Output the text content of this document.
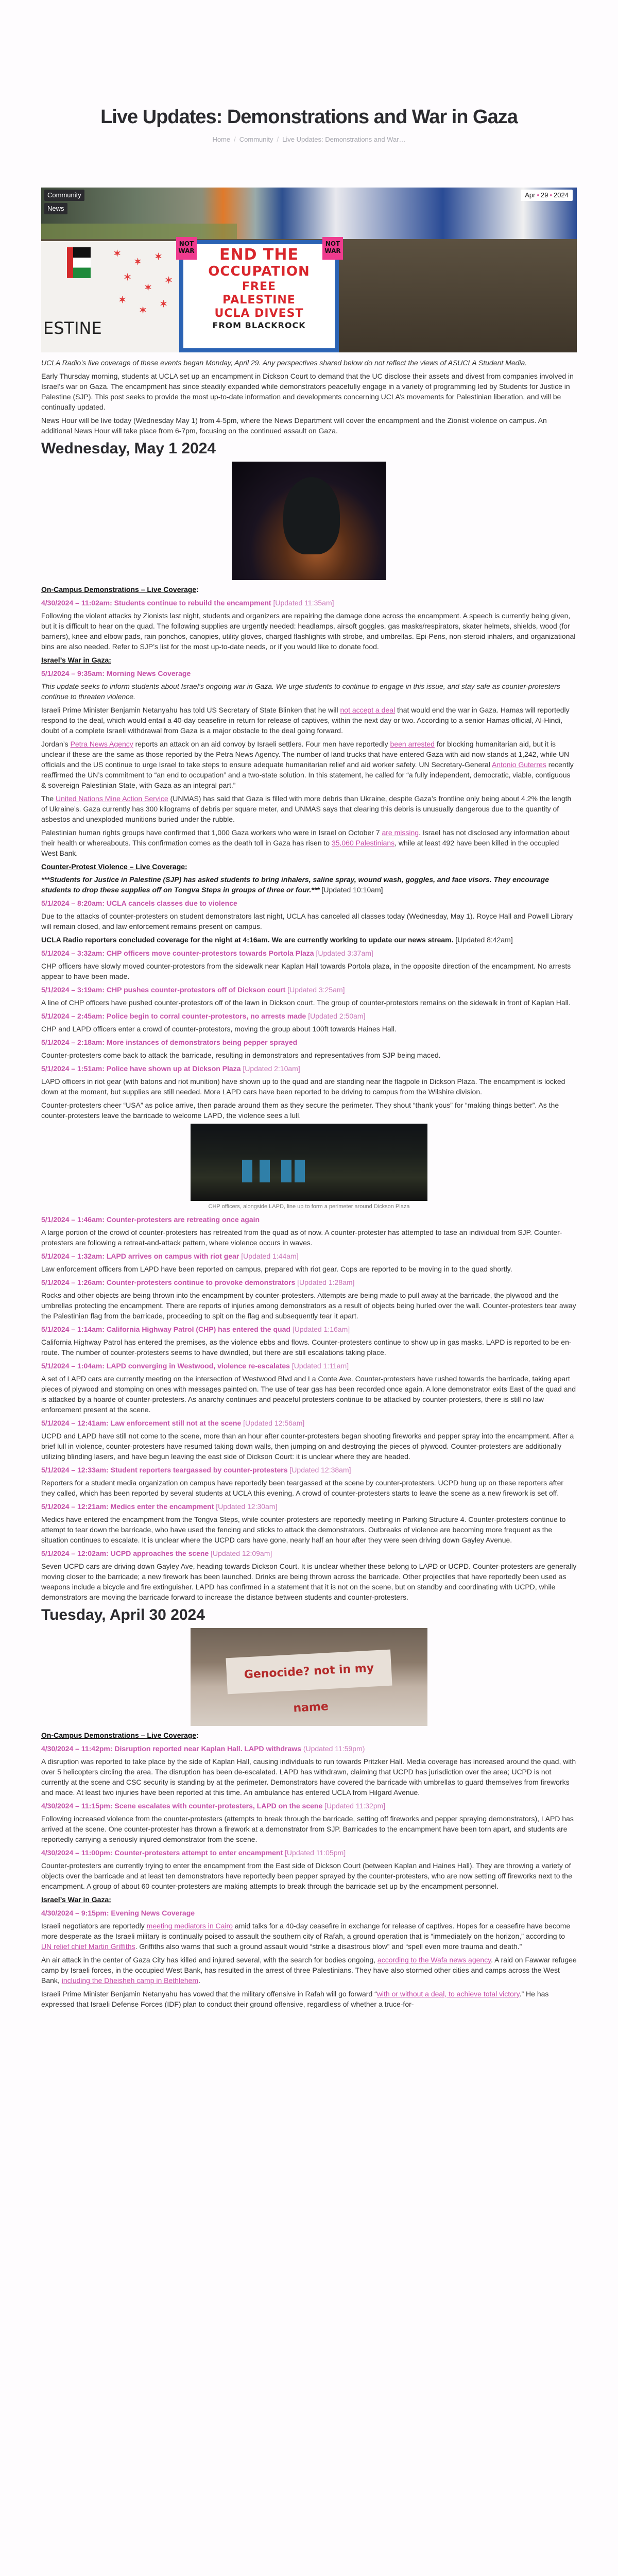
Live Updates: Demonstrations and War in Gaza
Home / Community / Live Updates: Demonstrations and War…
✶
✶ ✶
✶
✶
✶
✶
✶
✶
ESTINE
END THE
OCCUPATION
FREE
PALESTINE
UCLA DIVEST
FROM BLACKROCK
NOT WAR
NOT WAR
Community
News
Apr • 29 • 2024

UCLA Radio’s live coverage of these events began Monday, April 29. Any perspectives shared below do not reflect the views of ASUCLA Student Media.

Early Thursday morning, students at UCLA set up an encampment in Dickson Court to demand that the UC disclose their assets and divest from companies involved in Israel’s war on Gaza. The encampment has since steadily expanded while demonstrators peacefully engage in a variety of programming led by Students for Justice in Palestine (SJP). This post seeks to provide the most up-to-date information and developments concerning UCLA’s movements for Palestinian liberation, and will be continually updated.

News Hour will be live today (Wednesday May 1) from 4-5pm, where the News Department will cover the encampment and the Zionist violence on campus. An additional News Hour will take place from 6-7pm, focusing on the continued assault on Gaza.

Wednesday, May 1 2024

On-Campus Demonstrations – Live Coverage:

4/30/2024 – 11:02am: Students continue to rebuild the encampment [Updated 11:35am]

Following the violent attacks by Zionists last night, students and organizers are repairing the damage done across the encampment. A speech is currently being given, but it is difficult to hear on the quad. The following supplies are urgently needed: headlamps, airsoft goggles, gas masks/respirators, skater helmets, shields, wood (for barriers), knee and elbow pads, rain ponchos, canopies, utility gloves, charged flashlights with strobe, and umbrellas. Epi-Pens, non-steroid inhalers, and organizational bins are also needed. Refer to SJP’s list for the most up-to-date needs, or if you would like to donate food.

Israel’s War in Gaza:

5/1/2024 – 9:35am: Morning News Coverage

This update seeks to inform students about Israel’s ongoing war in Gaza. We urge students to continue to engage in this issue, and stay safe as counter-protesters continue to threaten violence.

Israeli Prime Minister Benjamin Netanyahu has told US Secretary of State Blinken that he will not accept a deal that would end the war in Gaza. Hamas will reportedly respond to the deal, which would entail a 40-day ceasefire in return for release of captives, within the next day or two. According to a senior Hamas official, Al-Hindi, doubt of a complete Israeli withdrawal from Gaza is a major obstacle to the deal going forward.

Jordan’s Petra News Agency reports an attack on an aid convoy by Israeli settlers. Four men have reportedly been arrested for blocking humanitarian aid, but it is unclear if these are the same as those reported by the Petra News Agency. The number of land trucks that have entered Gaza with aid now stands at 1,242, while UN officials and the US continue to urge Israel to take steps to ensure adequate humanitarian relief and aid worker safety. UN Secretary-General Antonio Guterres recently reaffirmed the UN’s commitment to “an end to occupation” and a two-state solution. In this statement, he called for “a fully independent, democratic, viable, contiguous & sovereign Palestinian State, with Gaza as an integral part.”

The United Nations Mine Action Service (UNMAS) has said that Gaza is filled with more debris than Ukraine, despite Gaza’s frontline only being about 4.2% the length of Ukraine’s. Gaza currently has 300 kilograms of debris per square meter, and UNMAS says that clearing this debris is unusually dangerous due to the quantity of asbestos and unexploded munitions buried under the rubble.

Palestinian human rights groups have confirmed that 1,000 Gaza workers who were in Israel on October 7 are missing. Israel has not disclosed any information about their health or whereabouts. This confirmation comes as the death toll in Gaza has risen to 35,060 Palestinians, while at least 492 have been killed in the occupied West Bank.

Counter-Protest Violence – Live Coverage:

***Students for Justice in Palestine (SJP) has asked students to bring inhalers, saline spray, wound wash, goggles, and face visors. They encourage students to drop these supplies off on Tongva Steps in groups of three or four.*** [Updated 10:10am]

5/1/2024 – 8:20am: UCLA cancels classes due to violence

Due to the attacks of counter-protesters on student demonstrators last night, UCLA has canceled all classes today (Wednesday, May 1). Royce Hall and Powell Library will remain closed, and law enforcement remains present on campus.

UCLA Radio reporters concluded coverage for the night at 4:16am. We are currently working to update our news stream. [Updated 8:42am]

5/1/2024 – 3:32am: CHP officers move counter-protestors towards Portola Plaza [Updated 3:37am]

CHP officers have slowly moved counter-protestors from the sidewalk near Kaplan Hall towards Portola plaza, in the opposite direction of the encampment. No arrests appear to have been made.

5/1/2024 – 3:19am: CHP pushes counter-protestors off of Dickson court [Updated 3:25am]

A line of CHP officers have pushed counter-protestors off of the lawn in Dickson court. The group of counter-protestors remains on the sidewalk in front of Kaplan Hall.

5/1/2024 – 2:45am: Police begin to corral counter-protestors, no arrests made [Updated 2:50am]

CHP and LAPD officers enter a crowd of counter-protestors, moving the group about 100ft towards Haines Hall.

5/1/2024 – 2:18am: More instances of demonstrators being pepper sprayed

Counter-protesters come back to attack the barricade, resulting in demonstrators and representatives from SJP being maced.

5/1/2024 – 1:51am: Police have shown up at Dickson Plaza [Updated 2:10am]

LAPD officers in riot gear (with batons and riot munition) have shown up to the quad and are standing near the flagpole in Dickson Plaza. The encampment is locked down at the moment, but supplies are still needed. More LAPD cars have been reported to be driving to campus from the Wilshire division.

Counter-protesters cheer “USA” as police arrive, then parade around them as they secure the perimeter. They shout “thank yous” for “making things better”. As the counter-protesters leave the barricade to welcome LAPD, the violence sees a lull.

CHP officers, alongside LAPD, line up to form a perimeter around Dickson Plaza

5/1/2024 – 1:46am: Counter-protesters are retreating once again

A large portion of the crowd of counter-protesters has retreated from the quad as of now. A counter-protester has attempted to tase an individual from SJP. Counter-protesters are following a retreat-and-attack pattern, where violence occurs in waves.

5/1/2024 – 1:32am: LAPD arrives on campus with riot gear [Updated 1:44am]

Law enforcement officers from LAPD have been reported on campus, prepared with riot gear. Cops are reported to be moving in to the quad shortly.

5/1/2024 – 1:26am: Counter-protesters continue to provoke demonstrators [Updated 1:28am]

Rocks and other objects are being thrown into the encampment by counter-protesters. Attempts are being made to pull away at the barricade, the plywood and the umbrellas protecting the encampment. There are reports of injuries among demonstrators as a result of objects being hurled over the wall. Counter-protesters tear away the Palestinian flag from the barricade, proceeding to spit on the flag and subsequently tear it apart.

5/1/2024 – 1:14am: California Highway Patrol (CHP) has entered the quad [Updated 1:16am]

California Highway Patrol has entered the premises, as the violence ebbs and flows. Counter-protesters continue to show up in gas masks. LAPD is reported to be en-route. The number of counter-protesters seems to have dwindled, but there are still escalations taking place.

5/1/2024 – 1:04am: LAPD converging in Westwood, violence re-escalates [Updated 1:11am]

A set of LAPD cars are currently meeting on the intersection of Westwood Blvd and La Conte Ave. Counter-protesters have rushed towards the barricade, taking apart pieces of plywood and stomping on ones with messages painted on. The use of tear gas has been recorded once again. A lone demonstrator exits East of the quad and is attacked by a hoarde of counter-protesters. As anarchy continues and peaceful protesters continue to be attacked by counter-protesters, there is still no law enforcement present at the scene.

5/1/2024 – 12:41am: Law enforcement still not at the scene [Updated 12:56am]

UCPD and LAPD have still not come to the scene, more than an hour after counter-protesters began shooting fireworks and pepper spray into the encampment. After a brief lull in violence, counter-protesters have resumed taking down walls, then jumping on and destroying the pieces of plywood. Counter-protesters are additionally utilizing blinding lasers, and have begun leaving the east side of Dickson Court: it is unclear where they are headed.

5/1/2024 – 12:33am: Student reporters teargassed by counter-protesters [Updated 12:38am]

Reporters for a student media organization on campus have reportedly been teargassed at the scene by counter-protesters. UCPD hung up on these reporters after they called, which has been reported by several students at UCLA this evening. A crowd of counter-protesters starts to leave the scene as a new firework is set off.

5/1/2024 – 12:21am: Medics enter the encampment [Updated 12:30am]

Medics have entered the encampment from the Tongva Steps, while counter-protesters are reportedly meeting in Parking Structure 4. Counter-protesters continue to attempt to tear down the barricade, who have used the fencing and sticks to attack the demonstrators. Outbreaks of violence are becoming more frequent as the situation continues to escalate. It is unclear where the UCPD cars have gone, nearly half an hour after they were seen driving down Gayley Avenue.

5/1/2024 – 12:02am: UCPD approaches the scene [Updated 12:09am]

Seven UCPD cars are driving down Gayley Ave, heading towards Dickson Court. It is unclear whether these belong to LAPD or UCPD. Counter-protesters are generally moving closer to the barricade; a new firework has been launched. Drinks are being thrown across the barricade. Other projectiles that have reportedly been used as weapons include a bicycle and fire extinguisher. LAPD has confirmed in a statement that it is not on the scene, but on standby and coordinating with UCPD, while demonstrators are moving the barricade forward to increase the distance between students and counter-protesters.

Tuesday, April 30 2024
Genocide? not in my name

On-Campus Demonstrations – Live Coverage:

4/30/2024 – 11:42pm: Disruption reported near Kaplan Hall. LAPD withdraws (Updated 11:59pm)

A disruption was reported to take place by the side of Kaplan Hall, causing individuals to run towards Pritzker Hall. Media coverage has increased around the quad, with over 5 helicopters circling the area. The disruption has been de-escalated. LAPD has withdrawn, claiming that UCPD has jurisdiction over the area; UCPD is not currently at the scene and CSC security is standing by at the perimeter. Demonstrators have covered the barricade with umbrellas to guard themselves from fireworks and mace. At least two injuries have been reported at this time. An ambulance has entered UCLA from Hilgard Avenue.

4/30/2024 – 11:15pm: Scene escalates with counter-protesters, LAPD on the scene [Updated 11:32pm]

Following increased violence from the counter-protesters (attempts to break through the barricade, setting off fireworks and pepper spraying demonstrators), LAPD has arrived at the scene. One counter-protester has thrown a firework at a demonstrator from SJP. Barricades to the encampment have been torn apart, and students are reportedly carrying a seriously injured demonstrator from the scene.

4/30/2024 – 11:00pm: Counter-protesters attempt to enter encampment [Updated 11:05pm]

Counter-protesters are currently trying to enter the encampment from the East side of Dickson Court (between Kaplan and Haines Hall). They are throwing a variety of objects over the barricade and at least ten demonstrators have reportedly been pepper sprayed by the counter-protesters, who are now setting off fireworks next to the encampment. A group of about 60 counter-protesters are making attempts to break through the barricade set up by the encampment personnel.

Israel’s War in Gaza:

4/30/2024 – 9:15pm: Evening News Coverage

Israeli negotiators are reportedly meeting mediators in Cairo amid talks for a 40-day ceasefire in exchange for release of captives. Hopes for a ceasefire have become more desperate as the Israeli military is continually poised to assault the southern city of Rafah, a ground operation that is “immediately on the horizon,” according to UN relief chief Martin Griffiths. Griffiths also warns that such a ground assault would “strike a disastrous blow” and “spell even more trauma and death.”

An air attack in the center of Gaza City has killed and injured several, with the search for bodies ongoing, according to the Wafa news agency. A raid on Fawwar refugee camp by Israeli forces, in the occupied West Bank, has resulted in the arrest of three Palestinians. They have also stormed other cities and camps across the West Bank, including the Dheisheh camp in Bethlehem.

Israeli Prime Minister Benjamin Netanyahu has vowed that the military offensive in Rafah will go forward “with or without a deal, to achieve total victory.” He has expressed that Israeli Defense Forces (IDF) plan to conduct their ground offensive, regardless of whether a truce-for-
